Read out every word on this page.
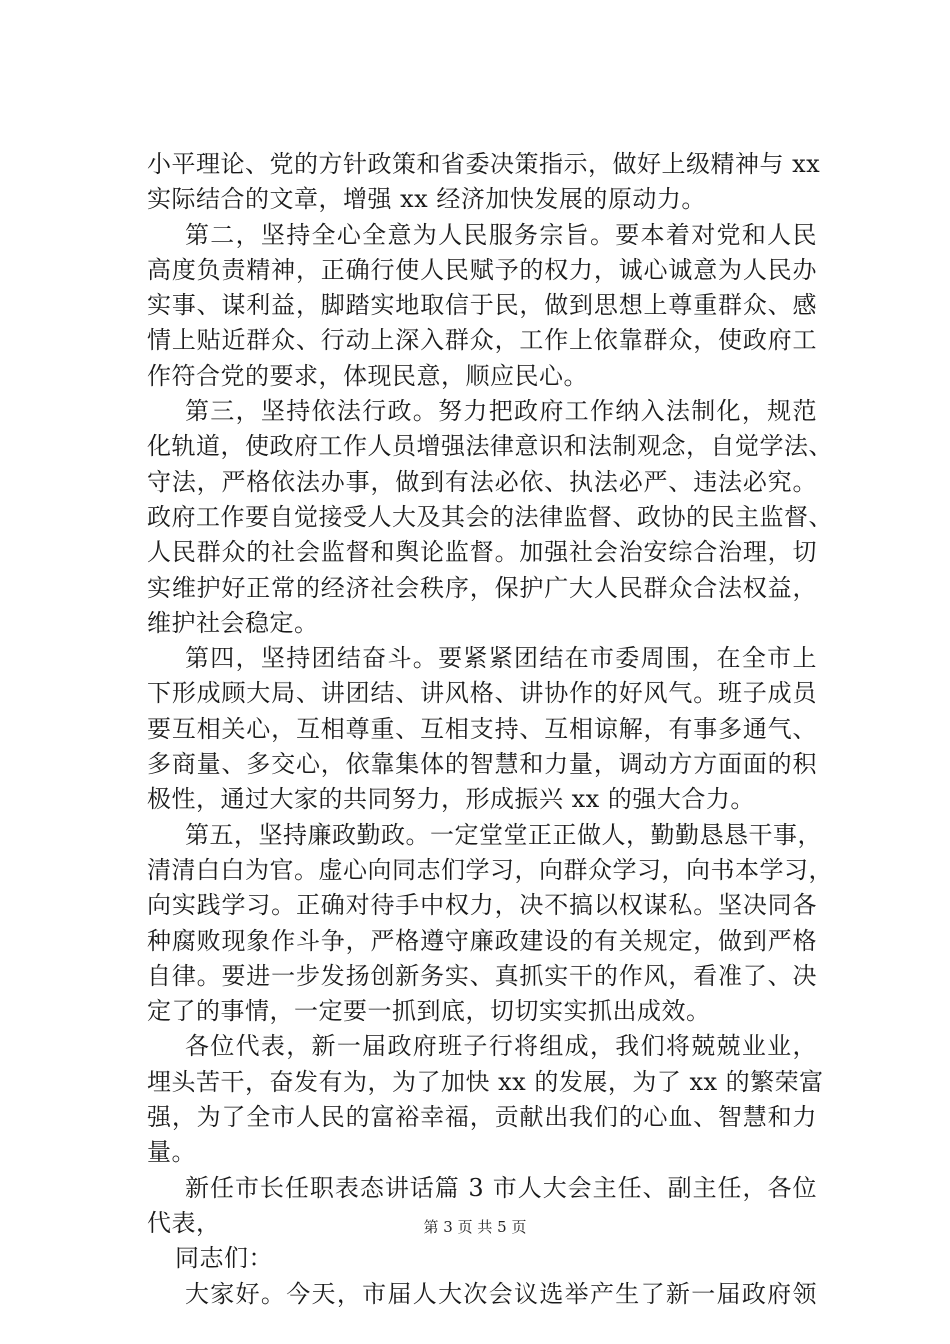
小平理论、党的方针政策和省委决策指示，做好上级精神与 xx
实际结合的文章，增强 xx 经济加快发展的原动力。
第二，坚持全心全意为人民服务宗旨。要本着对党和人民
高度负责精神，正确行使人民赋予的权力，诚心诚意为人民办
实事、谋利益，脚踏实地取信于民，做到思想上尊重群众、感
情上贴近群众、行动上深入群众，工作上依靠群众，使政府工
作符合党的要求，体现民意，顺应民心。
第三，坚持依法行政。努力把政府工作纳入法制化，规范
化轨道，使政府工作人员增强法律意识和法制观念，自觉学法、
守法，严格依法办事，做到有法必依、执法必严、违法必究。
政府工作要自觉接受人大及其会的法律监督、政协的民主监督、
人民群众的社会监督和舆论监督。加强社会治安综合治理，切
实维护好正常的经济社会秩序，保护广大人民群众合法权益，
维护社会稳定。
第四，坚持团结奋斗。要紧紧团结在市委周围，在全市上
下形成顾大局、讲团结、讲风格、讲协作的好风气。班子成员
要互相关心，互相尊重、互相支持、互相谅解，有事多通气、
多商量、多交心，依靠集体的智慧和力量，调动方方面面的积
极性，通过大家的共同努力，形成振兴 xx 的强大合力。
第五，坚持廉政勤政。一定堂堂正正做人，勤勤恳恳干事，
清清白白为官。虚心向同志们学习，向群众学习，向书本学习，
向实践学习。正确对待手中权力，决不搞以权谋私。坚决同各
种腐败现象作斗争，严格遵守廉政建设的有关规定，做到严格
自律。要进一步发扬创新务实、真抓实干的作风，看准了、决
定了的事情，一定要一抓到底，切切实实抓出成效。
各位代表，新一届政府班子行将组成，我们将兢兢业业，
埋头苦干，奋发有为，为了加快 xx 的发展，为了 xx 的繁荣富
强，为了全市人民的富裕幸福，贡献出我们的心血、智慧和力
量。
新任市长任职表态讲话篇 3 市人大会主任、副主任，各位
代表，
同志们：
大家好。今天，市届人大次会议选举产生了新一届政府领
第 3 页 共 5 页
